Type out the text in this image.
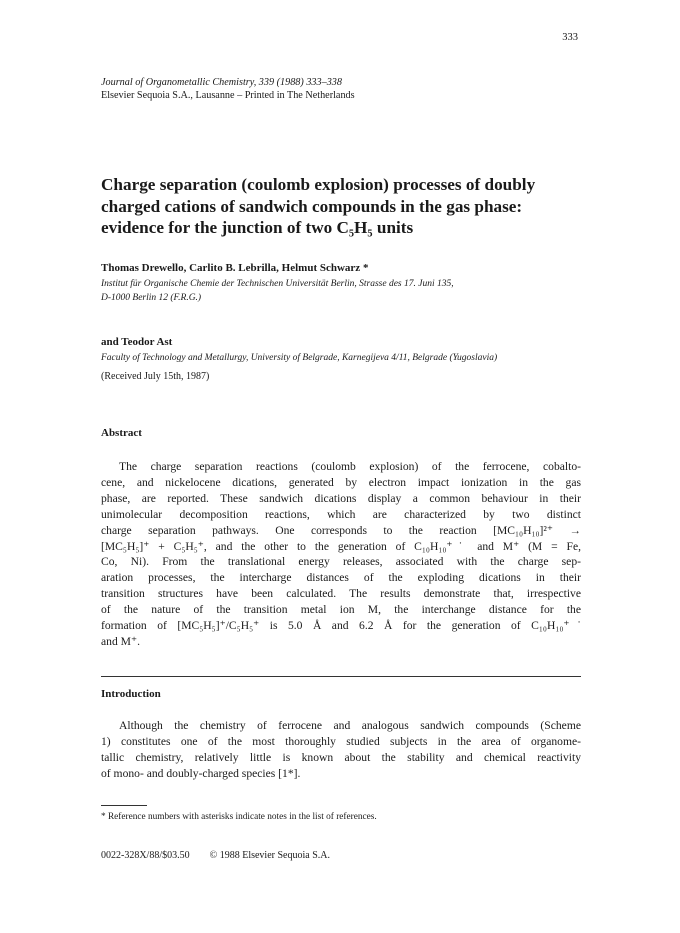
333
Journal of Organometallic Chemistry, 339 (1988) 333–338
Elsevier Sequoia S.A., Lausanne – Printed in The Netherlands
Charge separation (coulomb explosion) processes of doubly
charged cations of sandwich compounds in the gas phase:
evidence for the junction of two C₅H₅ units
Thomas Drewello, Carlito B. Lebrilla, Helmut Schwarz *
Institut für Organische Chemie der Technischen Universität Berlin, Strasse des 17. Juni 135,
D-1000 Berlin 12 (F.R.G.)
and Teodor Ast
Faculty of Technology and Metallurgy, University of Belgrade, Karnegijeva 4/11, Belgrade (Yugoslavia)
(Received July 15th, 1987)
Abstract
The charge separation reactions (coulomb explosion) of the ferrocene, cobalto-
cene, and nickelocene dications, generated by electron impact ionization in the gas
phase, are reported. These sandwich dications display a common behaviour in their
unimolecular decomposition reactions, which are characterized by two distinct
charge separation pathways. One corresponds to the reaction [MC₁₀H₁₀]²⁺ →
[MC₅H₅]⁺ + C₅H₅⁺, and the other to the generation of C₁₀H₁₀⁺˙ and M⁺ (M = Fe,
Co, Ni). From the translational energy releases, associated with the charge sep-
aration processes, the intercharge distances of the exploding dications in their
transition structures have been calculated. The results demonstrate that, irrespective
of the nature of the transition metal ion M, the interchange distance for the
formation of [MC₅H₅]⁺/C₅H₅⁺ is 5.0 Å and 6.2 Å for the generation of C₁₀H₁₀⁺˙
and M⁺.
Introduction
Although the chemistry of ferrocene and analogous sandwich compounds (Scheme
1) constitutes one of the most thoroughly studied subjects in the area of organome-
tallic chemistry, relatively little is known about the stability and chemical reactivity
of mono- and doubly-charged species [1*].
* Reference numbers with asterisks indicate notes in the list of references.
0022-328X/88/$03.50 © 1988 Elsevier Sequoia S.A.
